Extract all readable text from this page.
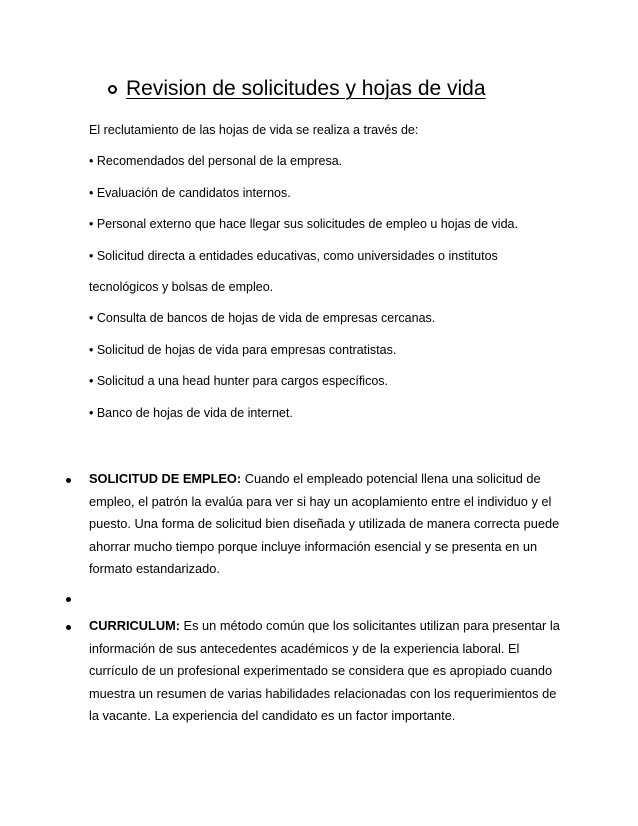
Revision de solicitudes y hojas de vida
El reclutamiento de las hojas de vida se realiza a través de:
• Recomendados del personal de la empresa.
• Evaluación de candidatos internos.
• Personal externo que hace llegar sus solicitudes de empleo u hojas de vida.
• Solicitud directa a entidades educativas, como universidades o institutos
tecnológicos y bolsas de empleo.
• Consulta de bancos de hojas de vida de empresas cercanas.
• Solicitud de hojas de vida para empresas contratistas.
• Solicitud a una head hunter para cargos específicos.
• Banco de hojas de vida de internet.
SOLICITUD DE EMPLEO: Cuando el empleado potencial llena una solicitud de
empleo, el patrón la evalúa para ver si hay un acoplamiento entre el individuo y el
puesto. Una forma de solicitud bien diseñada y utilizada de manera correcta puede
ahorrar mucho tiempo porque incluye información esencial y se presenta en un
formato estandarizado.
CURRICULUM: Es un método común que los solicitantes utilizan para presentar la
información de sus antecedentes académicos y de la experiencia laboral. El
currículo de un profesional experimentado se considera que es apropiado cuando
muestra un resumen de varias habilidades relacionadas con los requerimientos de
la vacante. La experiencia del candidato es un factor importante.
